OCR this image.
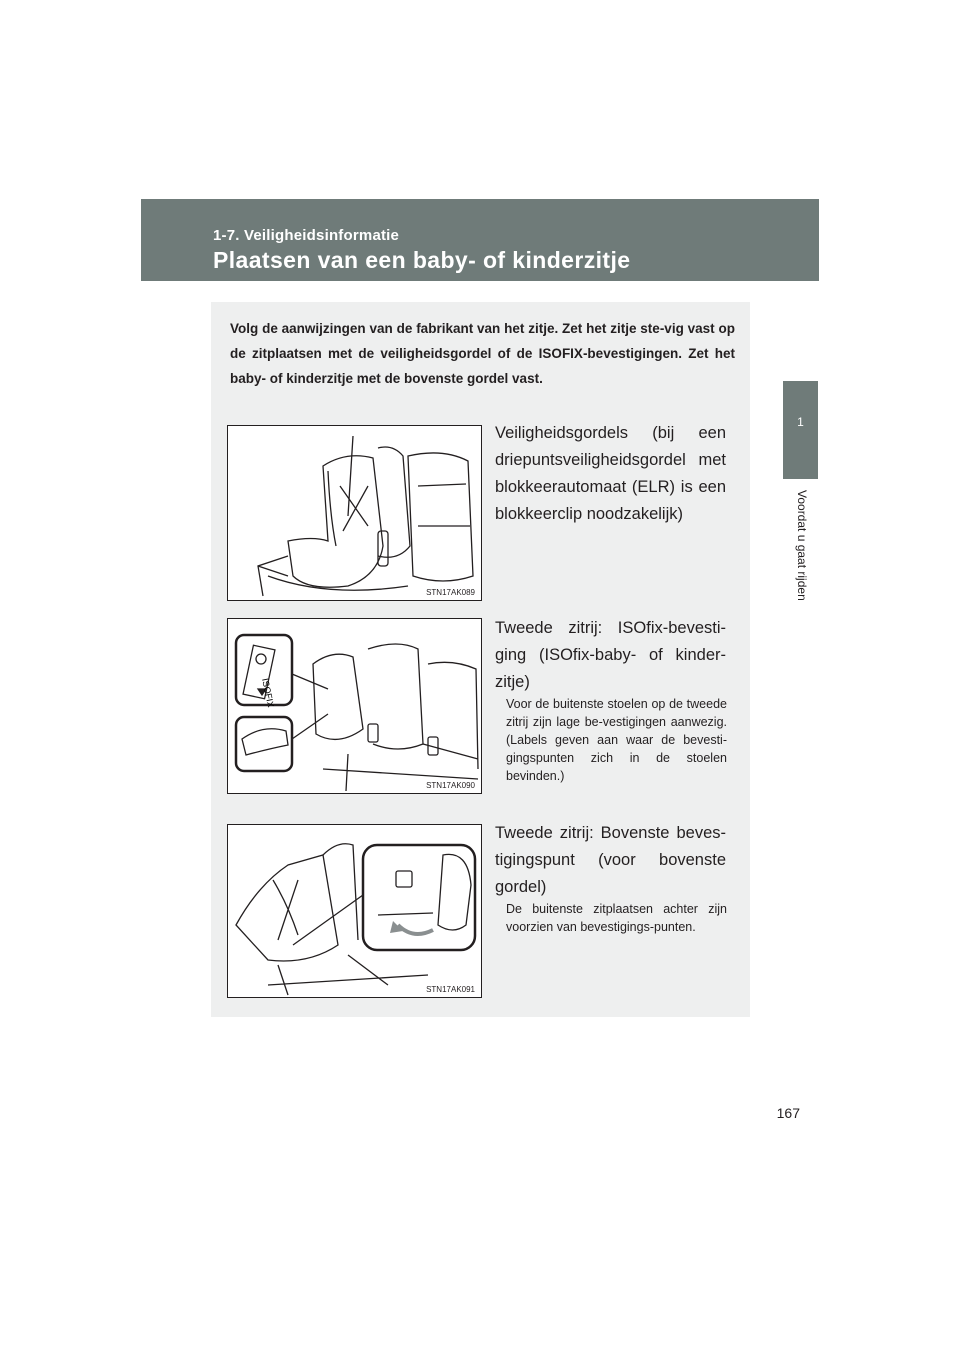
1-7. Veiligheidsinformatie
Plaatsen van een baby- of kinderzitje
1
Voordat u gaat rijden
Volg de aanwijzingen van de fabrikant van het zitje. Zet het zitje ste-vig vast op de zitplaatsen met de veiligheidsgordel of de ISOFIX-bevestigingen. Zet het baby- of kinderzitje met de bovenste gordel vast.
STN17AK089
Veiligheidsgordels (bij een driepuntsveiligheidsgordel met blokkeerautomaat (ELR) is een blokkeerclip noodzakelijk)
ISOFIX
STN17AK090
Tweede zitrij: ISOfix-bevesti-ging (ISOfix-baby- of kinder-zitje)
Voor de buitenste stoelen op de tweede zitrij zijn lage be-vestigingen aanwezig. (Labels geven aan waar de bevesti-gingspunten zich in de stoelen bevinden.)
STN17AK091
Tweede zitrij: Bovenste beves-tigingspunt (voor bovenste gordel)
De buitenste zitplaatsen achter zijn voorzien van bevestigings-punten.
167
